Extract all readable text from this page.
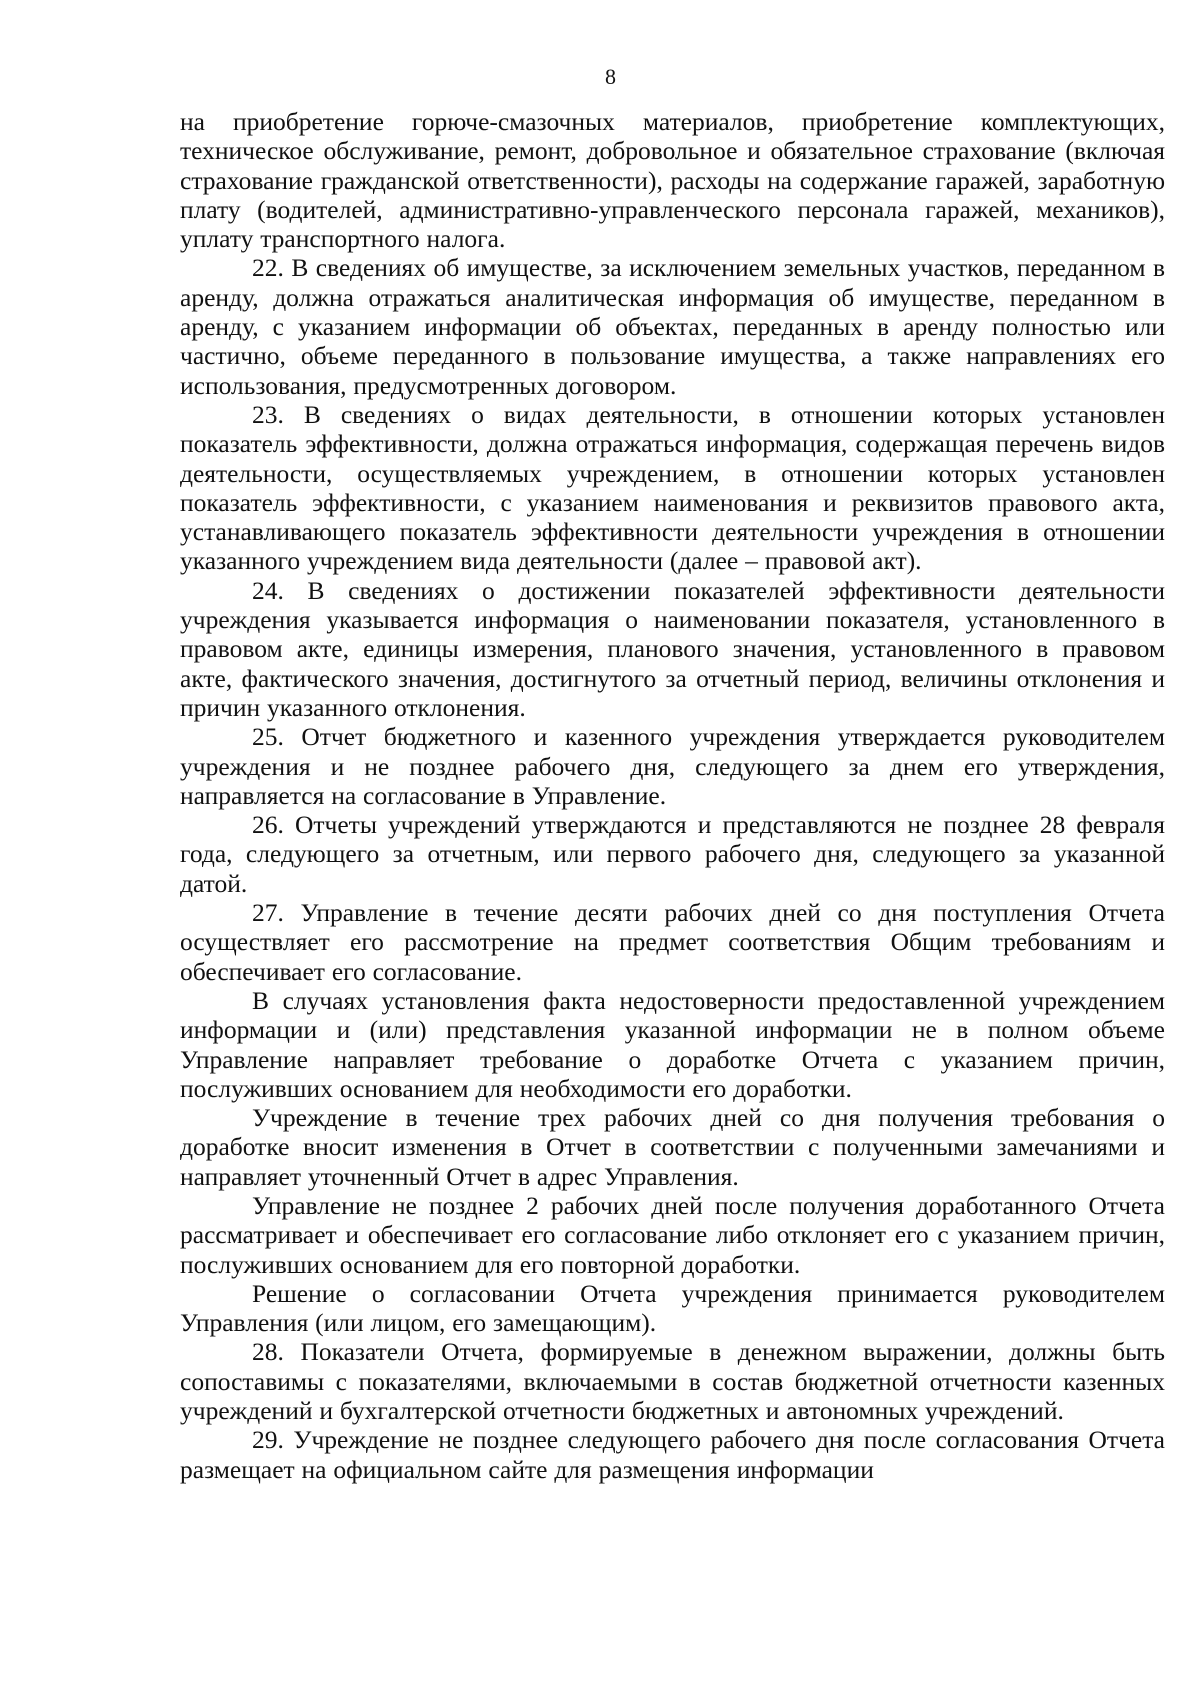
8

на приобретение горюче-смазочных материалов, приобретение комплектующих, техническое обслуживание, ремонт, добровольное и обязательное страхование (включая страхование гражданской ответственности), расходы на содержание гаражей, заработную плату (водителей, административно-управленческого персонала гаражей, механиков), уплату транспортного налога.

22. В сведениях об имуществе, за исключением земельных участков, переданном в аренду, должна отражаться аналитическая информация об имуществе, переданном в аренду, с указанием информации об объектах, переданных в аренду полностью или частично, объеме переданного в пользование имущества, а также направлениях его использования, предусмотренных договором.

23. В сведениях о видах деятельности, в отношении которых установлен показатель эффективности, должна отражаться информация, содержащая перечень видов деятельности, осуществляемых учреждением, в отношении которых установлен показатель эффективности, с указанием наименования и реквизитов правового акта, устанавливающего показатель эффективности деятельности учреждения в отношении указанного учреждением вида деятельности (далее – правовой акт).

24. В сведениях о достижении показателей эффективности деятельности учреждения указывается информация о наименовании показателя, установленного в правовом акте, единицы измерения, планового значения, установленного в правовом акте, фактического значения, достигнутого за отчетный период, величины отклонения и причин указанного отклонения.

25. Отчет бюджетного и казенного учреждения утверждается руководителем учреждения и не позднее рабочего дня, следующего за днем его утверждения, направляется на согласование в Управление.

26. Отчеты учреждений утверждаются и представляются не позднее 28 февраля года, следующего за отчетным, или первого рабочего дня, следующего за указанной датой.

27. Управление в течение десяти рабочих дней со дня поступления Отчета осуществляет его рассмотрение на предмет соответствия Общим требованиям и обеспечивает его согласование.

В случаях установления факта недостоверности предоставленной учреждением информации и (или) представления указанной информации не в полном объеме Управление направляет требование о доработке Отчета с указанием причин, послуживших основанием для необходимости его доработки.

Учреждение в течение трех рабочих дней со дня получения требования о доработке вносит изменения в Отчет в соответствии с полученными замечаниями и направляет уточненный Отчет в адрес Управления.

Управление не позднее 2 рабочих дней после получения доработанного Отчета рассматривает и обеспечивает его согласование либо отклоняет его с указанием причин, послуживших основанием для его повторной доработки.

Решение о согласовании Отчета учреждения принимается руководителем Управления (или лицом, его замещающим).

28. Показатели Отчета, формируемые в денежном выражении, должны быть сопоставимы с показателями, включаемыми в состав бюджетной отчетности казенных учреждений и бухгалтерской отчетности бюджетных и автономных учреждений.

29. Учреждение не позднее следующего рабочего дня после согласования Отчета размещает на официальном сайте для размещения информации
